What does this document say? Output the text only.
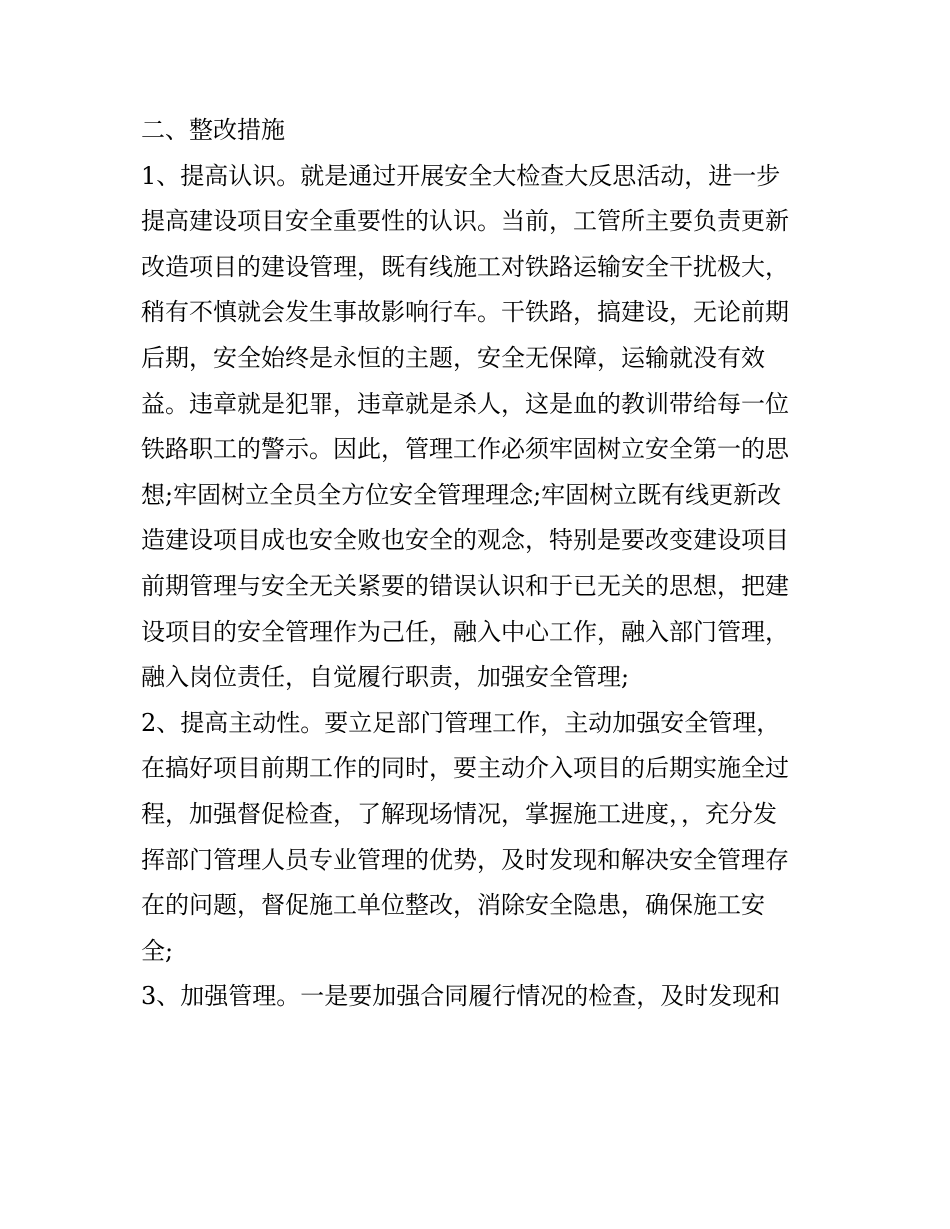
二、整改措施
1、提高认识。就是通过开展安全大检查大反思活动，进一步
提高建设项目安全重要性的认识。当前，工管所主要负责更新
改造项目的建设管理，既有线施工对铁路运输安全干扰极大，
稍有不慎就会发生事故影响行车。干铁路，搞建设，无论前期
后期，安全始终是永恒的主题，安全无保障，运输就没有效
益。违章就是犯罪，违章就是杀人，这是血的教训带给每一位
铁路职工的警示。因此，管理工作必须牢固树立安全第一的思
想;牢固树立全员全方位安全管理理念;牢固树立既有线更新改
造建设项目成也安全败也安全的观念，特别是要改变建设项目
前期管理与安全无关紧要的错误认识和于已无关的思想，把建
设项目的安全管理作为己任，融入中心工作，融入部门管理，
融入岗位责任，自觉履行职责，加强安全管理;
2、提高主动性。要立足部门管理工作，主动加强安全管理，
在搞好项目前期工作的同时，要主动介入项目的后期实施全过
程，加强督促检查，了解现场情况，掌握施工进度，，充分发
挥部门管理人员专业管理的优势，及时发现和解决安全管理存
在的问题，督促施工单位整改，消除安全隐患，确保施工安
全;
3、加强管理。一是要加强合同履行情况的检查，及时发现和
